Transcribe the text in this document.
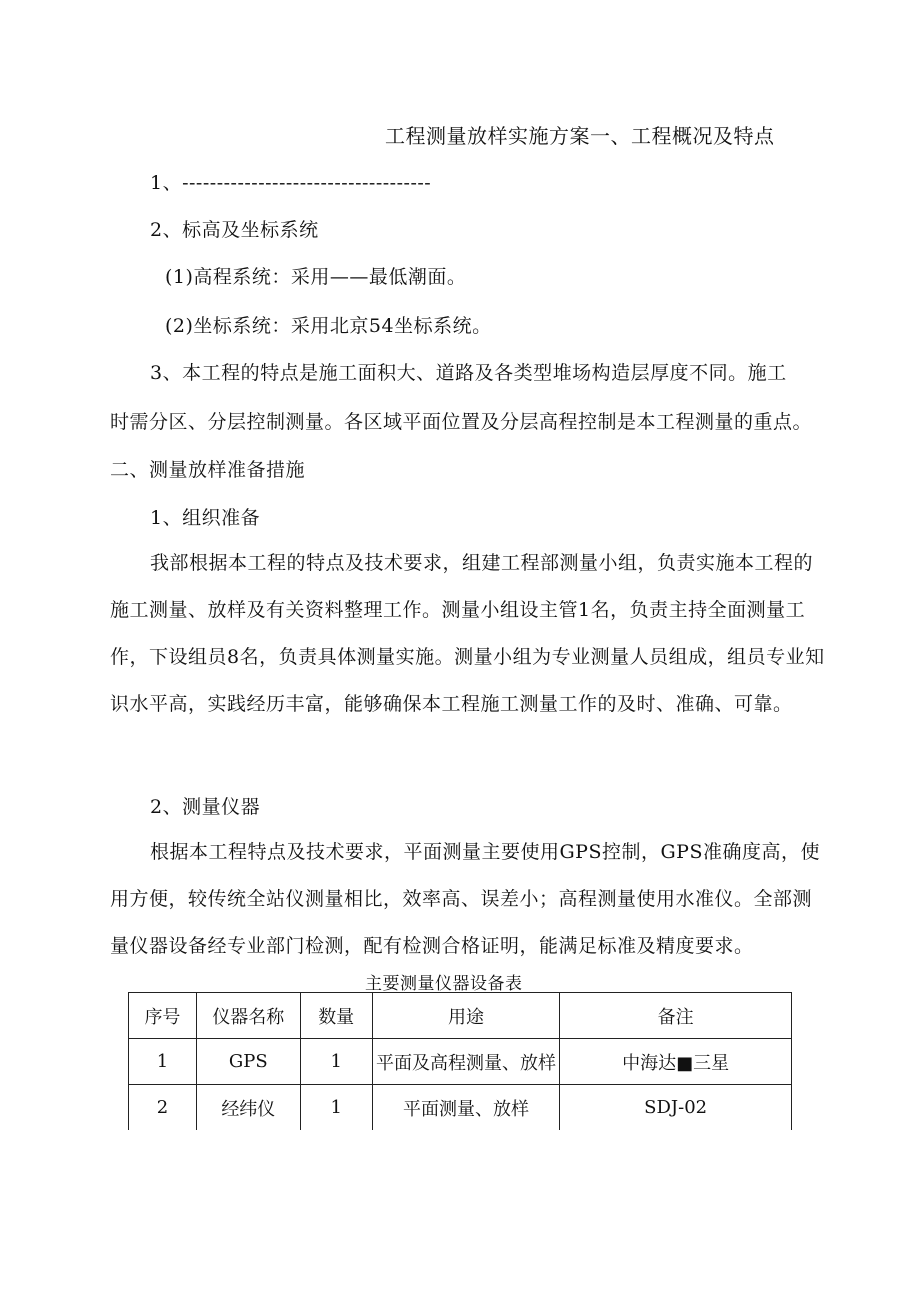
工程测量放样实施方案一、工程概况及特点
1、------------------------------------
2、标高及坐标系统
(1)高程系统：采用——最低潮面。
(2)坐标系统：采用北京54坐标系统。
3、本工程的特点是施工面积大、道路及各类型堆场构造层厚度不同。施工
时需分区、分层控制测量。各区域平面位置及分层高程控制是本工程测量的重点。
二、测量放样准备措施
1、组织准备
我部根据本工程的特点及技术要求，组建工程部测量小组，负责实施本工程的施工测量、放样及有关资料整理工作。测量小组设主管1名，负责主持全面测量工作，下设组员8名，负责具体测量实施。测量小组为专业测量人员组成，组员专业知识水平高，实践经历丰富，能够确保本工程施工测量工作的及时、准确、可靠。
2、测量仪器
根据本工程特点及技术要求，平面测量主要使用GPS控制，GPS准确度高，使用方便，较传统全站仪测量相比，效率高、误差小；高程测量使用水准仪。全部测量仪器设备经专业部门检测，配有检测合格证明，能满足标准及精度要求。
主要测量仪器设备表
序号	仪器名称	数量	用途	备注
1	GPS	1	平面及高程测量、放样	中海达■三星
2	经纬仪	1	平面测量、放样	SDJ-02
